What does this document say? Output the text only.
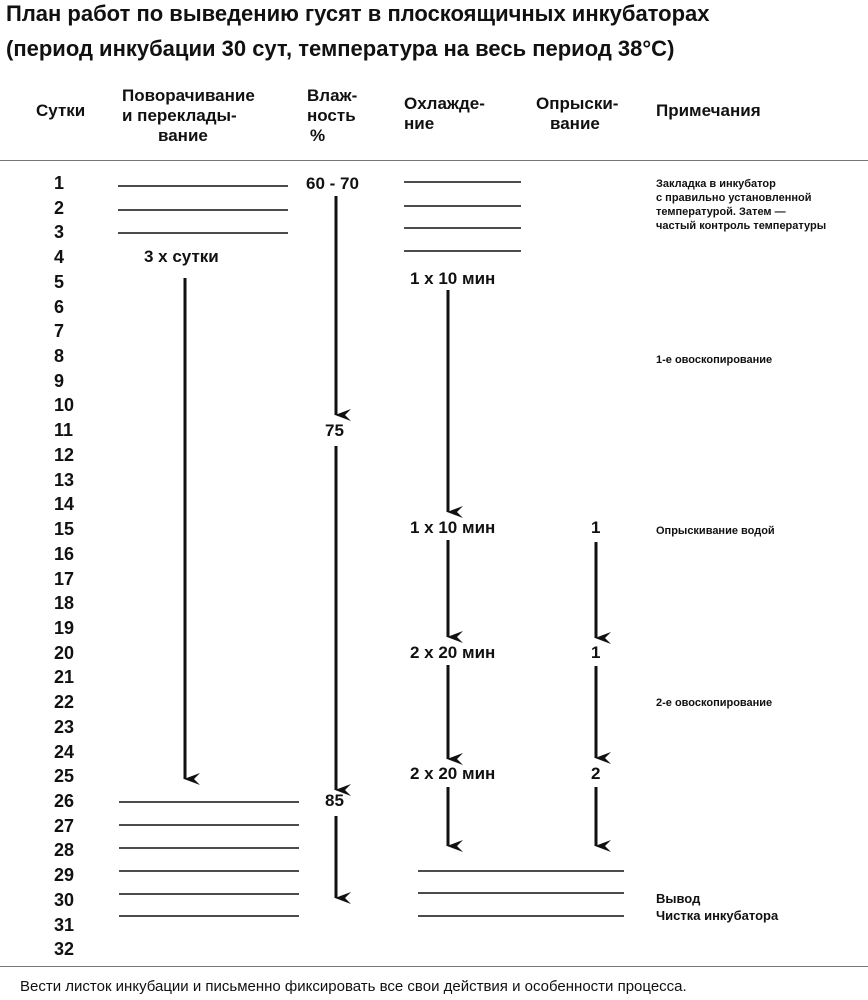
План работ по выведению гусят в плоскоящичных инкубаторах
(период инкубации 30 сут, температура на весь период 38°С)
Сутки
Поворачивание
и переклады-
вание
Влаж-
ность
%
Охлажде-
ние
Опрыски-
вание
Примечания
1
2
3
4
5
6
7
8
9
10
11
12
13
14
15
16
17
18
19
20
21
22
23
24
25
26
27
28
29
30
31
32
3 х сутки
60 - 70
75
85
1 х 10 мин
1 х 10 мин
2 х 20 мин
2 х 20 мин
1
1
2
Закладка в инкубатор
с правильно установленной
температурой. Затем —
частый контроль температуры
1-е овоскопирование
Опрыскивание водой
2-е овоскопирование
Вывод
Чистка инкубатора
Вести листок инкубации и письменно фиксировать все свои действия и особенности процесса.
